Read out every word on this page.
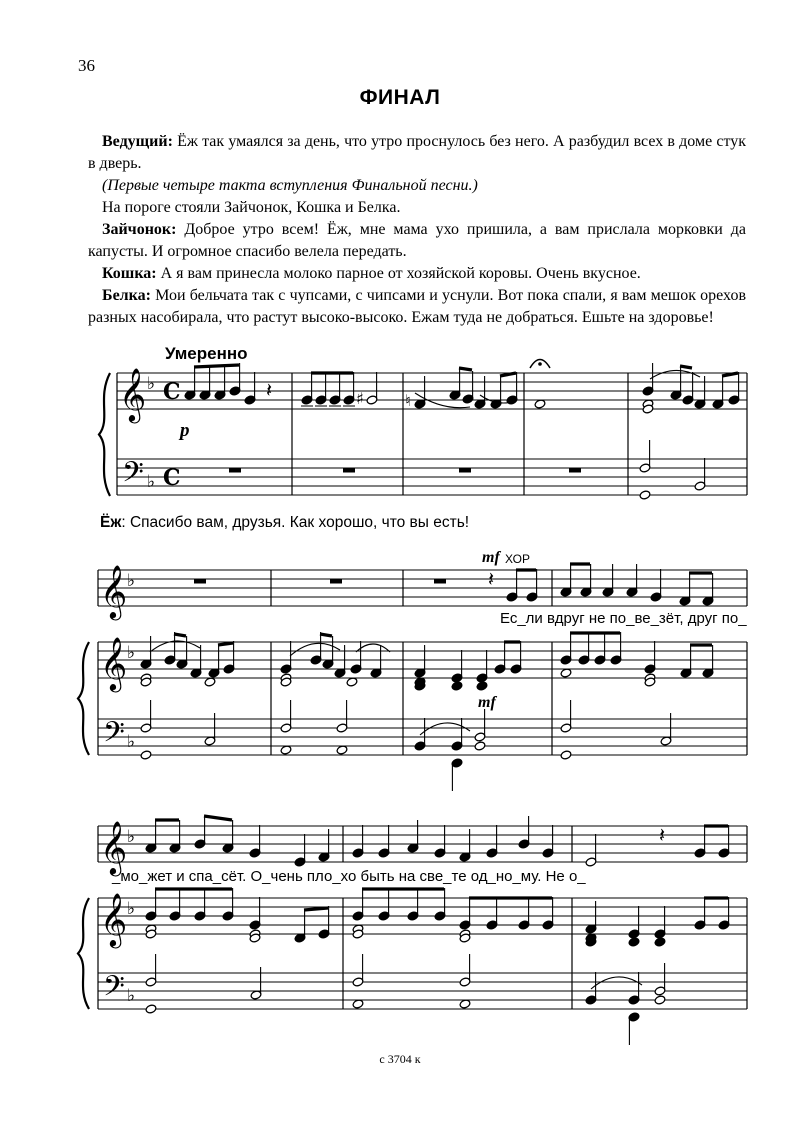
36
ФИНАЛ
Ведущий: Ёж так умаялся за день, что утро проснулось без него. А разбудил всех в доме стук в дверь.
(Первые четыре такта вступления Финальной песни.)
На пороге стояли Зайчонок, Кошка и Белка.
Зайчонок: Доброе утро всем! Ёж, мне мама ухо пришила, а вам прислала морковки да капусты. И огромное спасибо велела передать.
Кошка: А я вам принесла молоко парное от хозяйской коровы. Очень вкусное.
Белка: Мои бельчата так с чупсами, с чипсами и уснули. Вот пока спали, я вам мешок орехов разных насобирала, что растут высоко-высоко. Ежам туда не добраться. Ешьте на здоровье!
Умеренно
p
Ёж: Спасибо вам, друзья. Как хорошо, что вы есть!
mf ХОР
mf
Ес_ли вдруг не по_ве_зёт, друг по_
_мо_жет и спа_сёт. О_чень пло_хо быть на све_те од_но_му. Не о_
с 3704 к
𝄞
𝄢
♭
♭
C
C
𝄽	♯	♮
𝄞
𝄞
𝄢
♭
♭
♭
𝄽
𝄞
𝄞
𝄢
♭
♭
♭
𝄽
